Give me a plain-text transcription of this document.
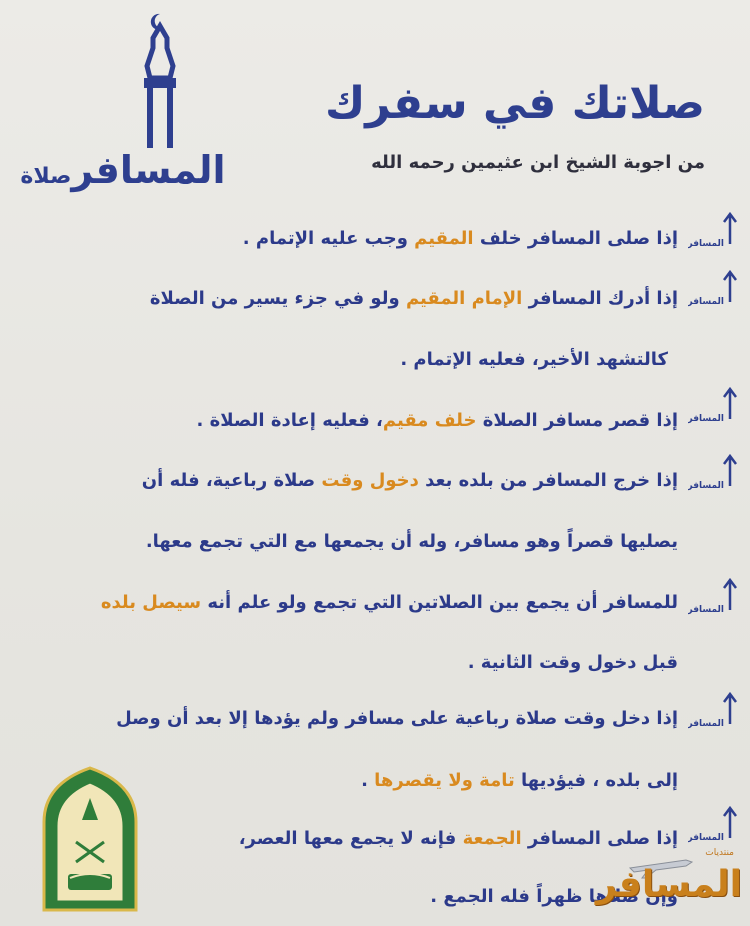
المسافرصلاة
صلاتك في سفرك
من اجوبة الشيخ ابن عثيمين رحمه الله
المسافر
المسافر
المسافر
المسافر
المسافر
المسافر
المسافر
إذا صلى المسافر خلف المقيم وجب عليه الإتمام .
إذا أدرك المسافر الإمام المقيم ولو في جزء يسير من الصلاة
كالتشهد الأخير، فعليه الإتمام .
إذا قصر مسافر الصلاة خلف مقيم، فعليه إعادة الصلاة .
إذا خرج المسافر من بلده بعد دخول وقت صلاة رباعية، فله أن
يصليها قصراً وهو مسافر، وله أن يجمعها مع التي تجمع معها.
للمسافر أن يجمع بين الصلاتين التي تجمع ولو علم أنه سيصل بلده
قبل دخول وقت الثانية .
إذا دخل وقت صلاة رباعية على مسافر ولم يؤدها إلا بعد أن وصل
إلى بلده ، فيؤديها تامة ولا يقصرها .
إذا صلى المسافر الجمعة فإنه لا يجمع معها العصر،
وإن صلاها ظهراً فله الجمع .
منتديات
المسافر
